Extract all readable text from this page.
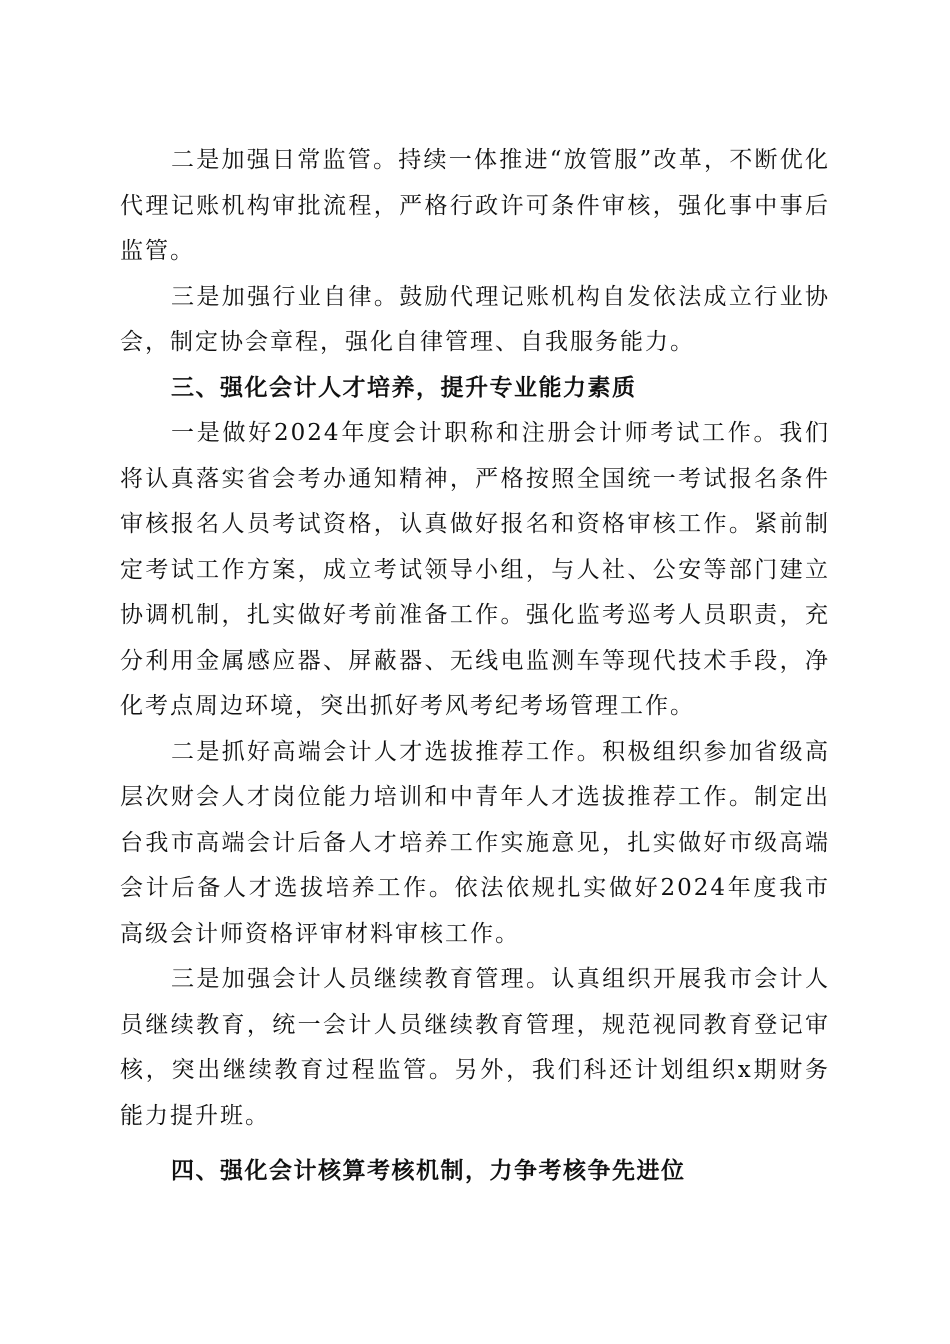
二是加强日常监管。持续一体推进“放管服”改革，不断优化代理记账机构审批流程，严格行政许可条件审核，强化事中事后监管。

三是加强行业自律。鼓励代理记账机构自发依法成立行业协会，制定协会章程，强化自律管理、自我服务能力。

三、强化会计人才培养，提升专业能力素质

一是做好2024年度会计职称和注册会计师考试工作。我们将认真落实省会考办通知精神，严格按照全国统一考试报名条件审核报名人员考试资格，认真做好报名和资格审核工作。紧前制定考试工作方案，成立考试领导小组，与人社、公安等部门建立协调机制，扎实做好考前准备工作。强化监考巡考人员职责，充分利用金属感应器、屏蔽器、无线电监测车等现代技术手段，净化考点周边环境，突出抓好考风考纪考场管理工作。

二是抓好高端会计人才选拔推荐工作。积极组织参加省级高层次财会人才岗位能力培训和中青年人才选拔推荐工作。制定出台我市高端会计后备人才培养工作实施意见，扎实做好市级高端会计后备人才选拔培养工作。依法依规扎实做好2024年度我市高级会计师资格评审材料审核工作。

三是加强会计人员继续教育管理。认真组织开展我市会计人员继续教育，统一会计人员继续教育管理，规范视同教育登记审核，突出继续教育过程监管。另外，我们科还计划组织x期财务能力提升班。

四、强化会计核算考核机制，力争考核争先进位
